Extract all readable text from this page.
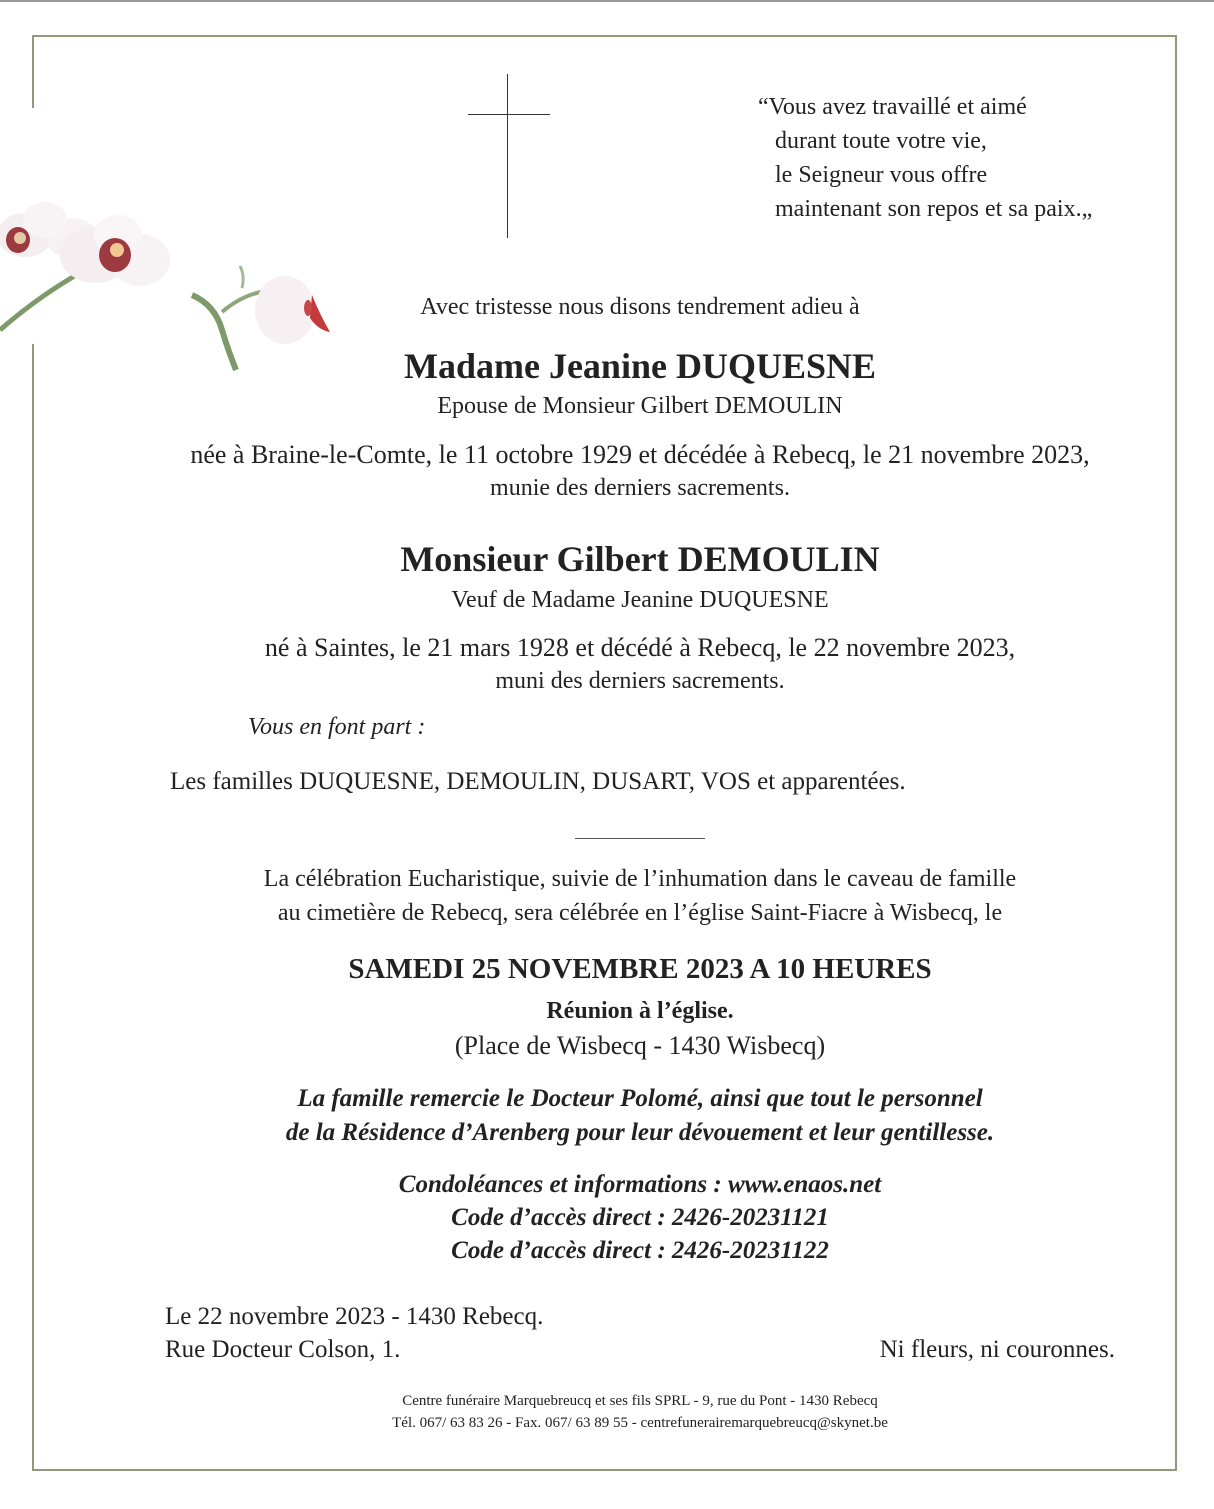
“Vous avez travaillé et aimé
durant toute votre vie,
le Seigneur vous offre
maintenant son repos et sa paix.„

Avec tristesse nous disons tendrement adieu à

Madame Jeanine DUQUESNE

Epouse de Monsieur Gilbert DEMOULIN

née à Braine-le-Comte, le 11 octobre 1929 et décédée à Rebecq, le 21 novembre 2023,

munie des derniers sacrements.

Monsieur Gilbert DEMOULIN

Veuf de Madame Jeanine DUQUESNE

né à Saintes, le 21 mars 1928 et décédé à Rebecq, le 22 novembre 2023,

muni des derniers sacrements.

Vous en font part :

Les familles DUQUESNE, DEMOULIN, DUSART, VOS et apparentées.

La célébration Eucharistique, suivie de l’inhumation dans le caveau de famille

au cimetière de Rebecq, sera célébrée en l’église Saint-Fiacre à Wisbecq, le

SAMEDI 25 NOVEMBRE 2023 A 10 HEURES

Réunion à l’église.

(Place de Wisbecq - 1430 Wisbecq)

La famille remercie le Docteur Polomé, ainsi que tout le personnel

de la Résidence d’Arenberg pour leur dévouement et leur gentillesse.

Condoléances et informations : www.enaos.net

Code d’accès direct : 2426-20231121

Code d’accès direct : 2426-20231122

Le 22 novembre 2023 - 1430 Rebecq.

Rue Docteur Colson, 1.	Ni fleurs, ni couronnes.

Centre funéraire Marquebreucq et ses fils SPRL - 9, rue du Pont - 1430 Rebecq

Tél. 067/ 63 83 26 - Fax. 067/ 63 89 55 - centrefunerairemarquebreucq@skynet.be
